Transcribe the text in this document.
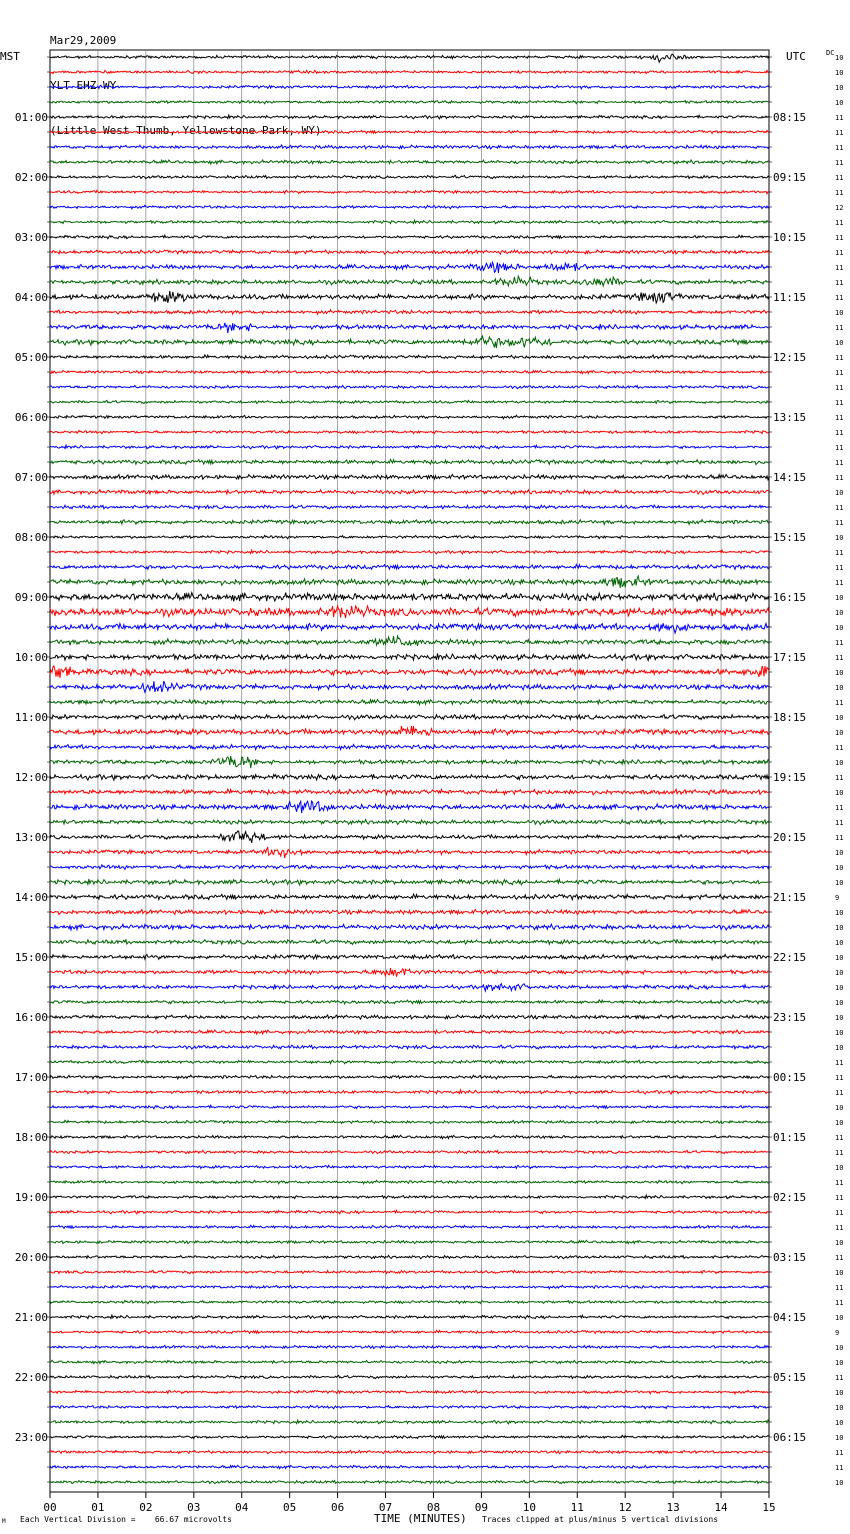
Mar29,2009

YLT EHZ WY

(Little West Thumb, Yellowstone Park, WY)

MST	UTC	DC
00	01	02	03	04	05	06	07	08	09	10	11	12	13	14	15
10
10
10
10
11
11
11
11
11
11
12
11
11
11
11
11
11
10
11
10
11
11
11
11
11
11
11
11
11
10
11
11
10
11
11
11
10
10
10
11
11
10
10
11
10
10
11
10
11
10
11
11
11
10
10
10
9
10
10
10
10
10
10
10
10
10
10
11
11
11
10
10
11
11
10
11
11
11
11
10
11
10
11
11
10
9
10
10
11
10
10
10
10
11
11
10
01:00	08:15
02:00	09:15
03:00	10:15
04:00	11:15
05:00	12:15
06:00	13:15
07:00	14:15
08:00	15:15
09:00	16:15
10:00	17:15
11:00	18:15
12:00	19:15
13:00	20:15
14:00	21:15
15:00	22:15
16:00	23:15
17:00	00:15
18:00	01:15
19:00	02:15
20:00	03:15
21:00	04:15
22:00	05:15
23:00	06:15
M Each Vertical Division =    66.67 microvolts	TIME (MINUTES) Traces clipped at plus/minus 5 vertical divisions
